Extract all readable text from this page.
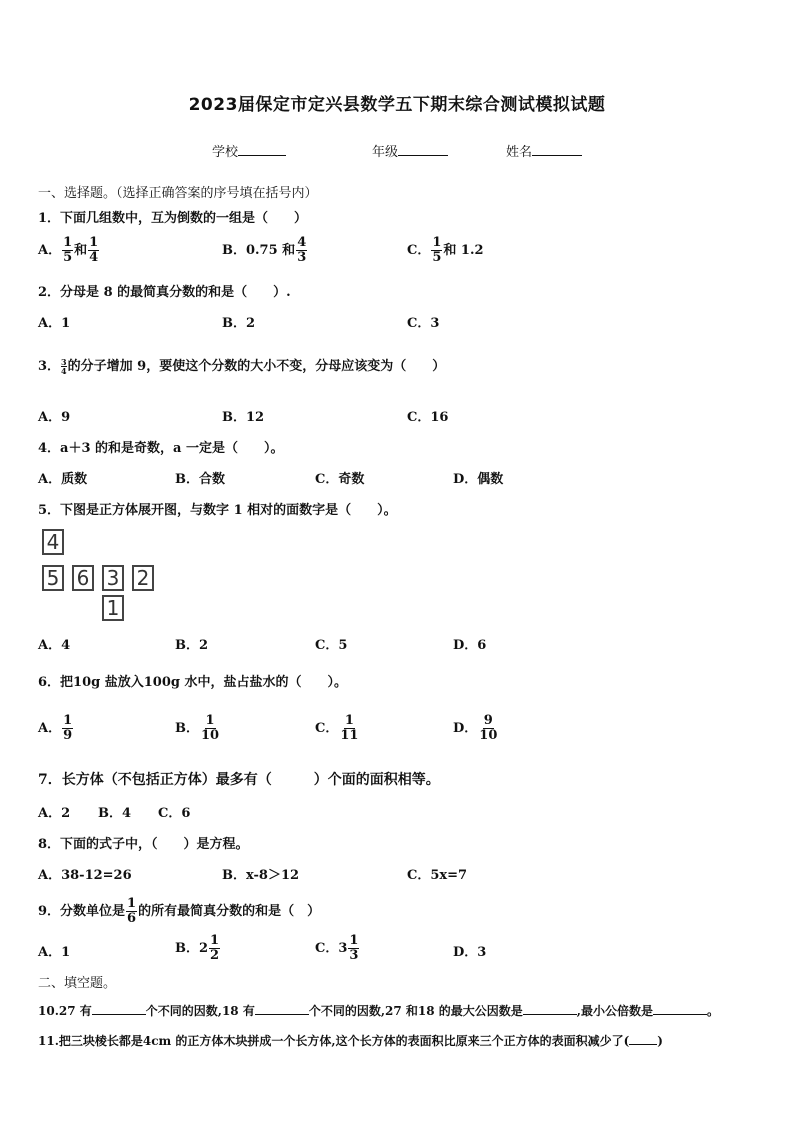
2023届保定市定兴县数学五下期末综合测试模拟试题
学校	年级	姓名
一、选择题。（选择正确答案的序号填在括号内）
1．下面几组数中，互为倒数的一组是（　　）
A． $\frac{1}{5}$ 和 $\frac{1}{4}$	B．0.75 和 $\frac{4}{3}$	C． $\frac{1}{5}$ 和 1.2
2．分母是 8 的最简真分数的和是（　　）.
A．1	B．2	C．3
3． $\frac{3}{4}$ 的分子增加 9，要使这个分数的大小不变，分母应该变为（　　）
A．9	B．12	C．16
4．a＋3 的和是奇数，a 一定是（　　）。
A．质数	B．合数	C．奇数	D．偶数
5．下图是正方体展开图，与数字 1 相对的面数字是（　　）。
4
5 6 3 2
1
A．4	B．2	C．5	D．6
6．把10g 盐放入100g 水中，盐占盐水的（　　）。
A． $\frac{1}{9}$	B． $\frac{1}{10}$	C． $\frac{1}{11}$	D． $\frac{9}{10}$
7．长方体（不包括正方体）最多有（　　　）个面的面积相等。
A．2 B．4 C．6
8．下面的式子中，（　　）是方程。
A．38-12=26	B．x-8＞12	C．5x=7
9．分数单位是 $\frac{1}{6}$ 的所有最简真分数的和是（　）
A．1	B．$2 \frac{1}{2}$	C．$3 \frac{1}{3}$	D．3
二、填空题。
10.27 有	个不同的因数,18 有	个不同的因数,27 和18 的最大公因数是	,最小公倍数是	。
11.把三块棱长都是4cm 的正方体木块拼成一个长方体,这个长方体的表面积比原来三个正方体的表面积减少了( )
